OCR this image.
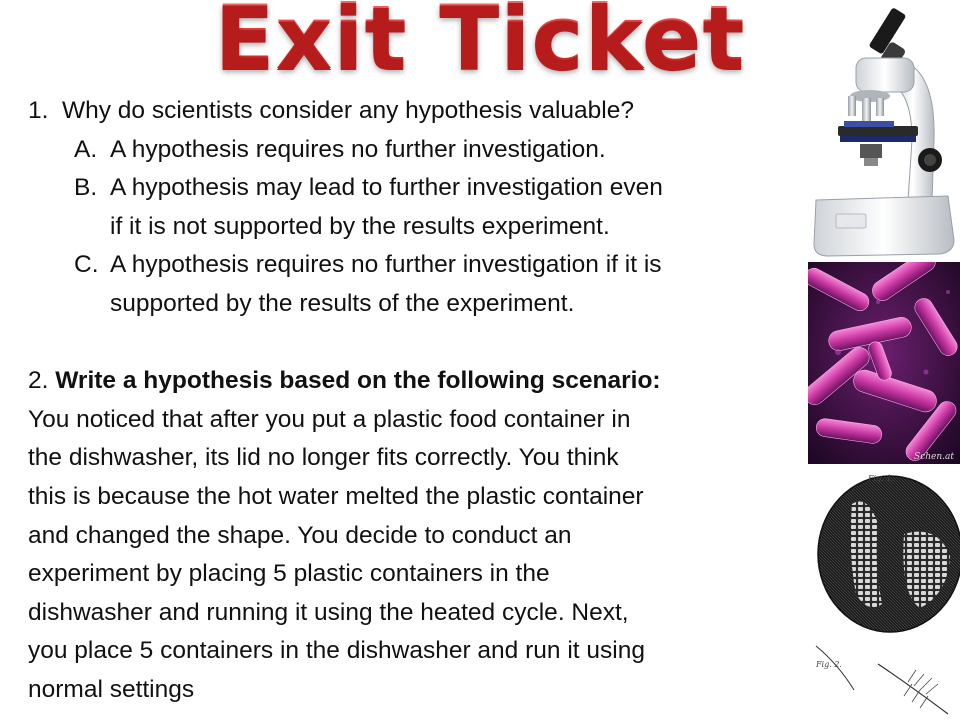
Exit Ticket
1. Why do scientists consider any hypothesis valuable?
A. A hypothesis requires no further investigation.
B. A hypothesis may lead to further investigation even
if it is not supported by the results experiment.
C. A hypothesis requires no further investigation if it is
supported by the results of the experiment.
2. Write a hypothesis based on the following scenario:
You noticed that after you put a plastic food container in
the dishwasher, its lid no longer fits correctly. You think
this is because the hot water melted the plastic container
and changed the shape. You decide to conduct an
experiment by placing 5 plastic containers in the
dishwasher and running it using the heated cycle. Next,
you place 5 containers in the dishwasher and run it using
normal settings
Schen.at
Fig. 1.
Fig. 2.
